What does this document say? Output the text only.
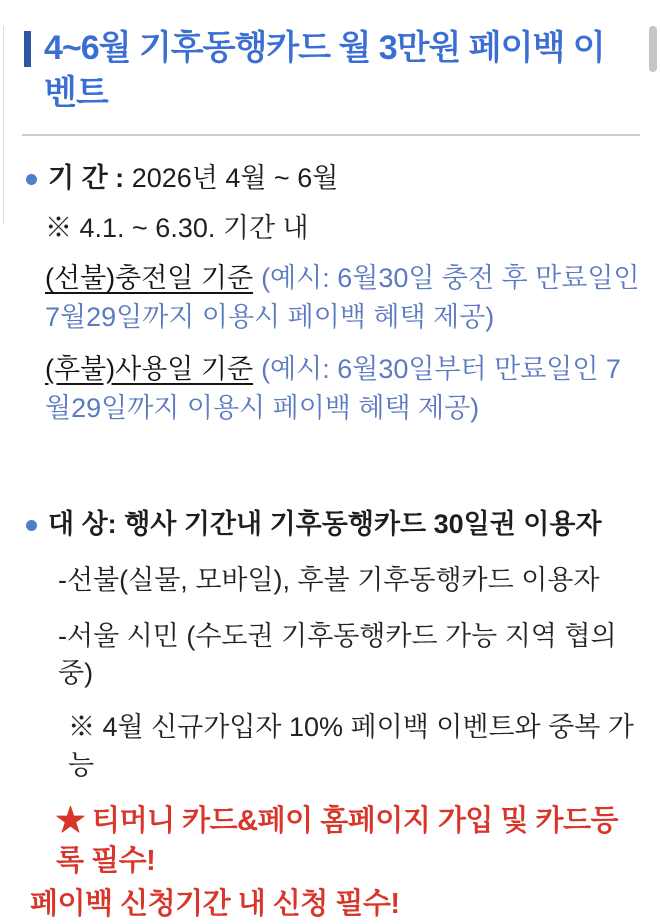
4~6월 기후동행카드 월 3만원 페이백 이벤트

기 간 : 2026년 4월 ~ 6월

※ 4.1. ~ 6.30. 기간 내

(선불)충전일 기준 (예시: 6월30일 충전 후 만료일인 7월29일까지 이용시 페이백 혜택 제공)

(후불)사용일 기준 (예시: 6월30일부터 만료일인 7월29일까지 이용시 페이백 혜택 제공)

대 상: 행사 기간내 기후동행카드 30일권 이용자

-선불(실물, 모바일), 후불 기후동행카드 이용자

-서울 시민 (수도권 기후동행카드 가능 지역 협의중)

※ 4월 신규가입자 10% 페이백 이벤트와 중복 가능

★ 티머니 카드&페이 홈페이지 가입 및 카드등록 필수!

페이백 신청기간 내 신청 필수!
